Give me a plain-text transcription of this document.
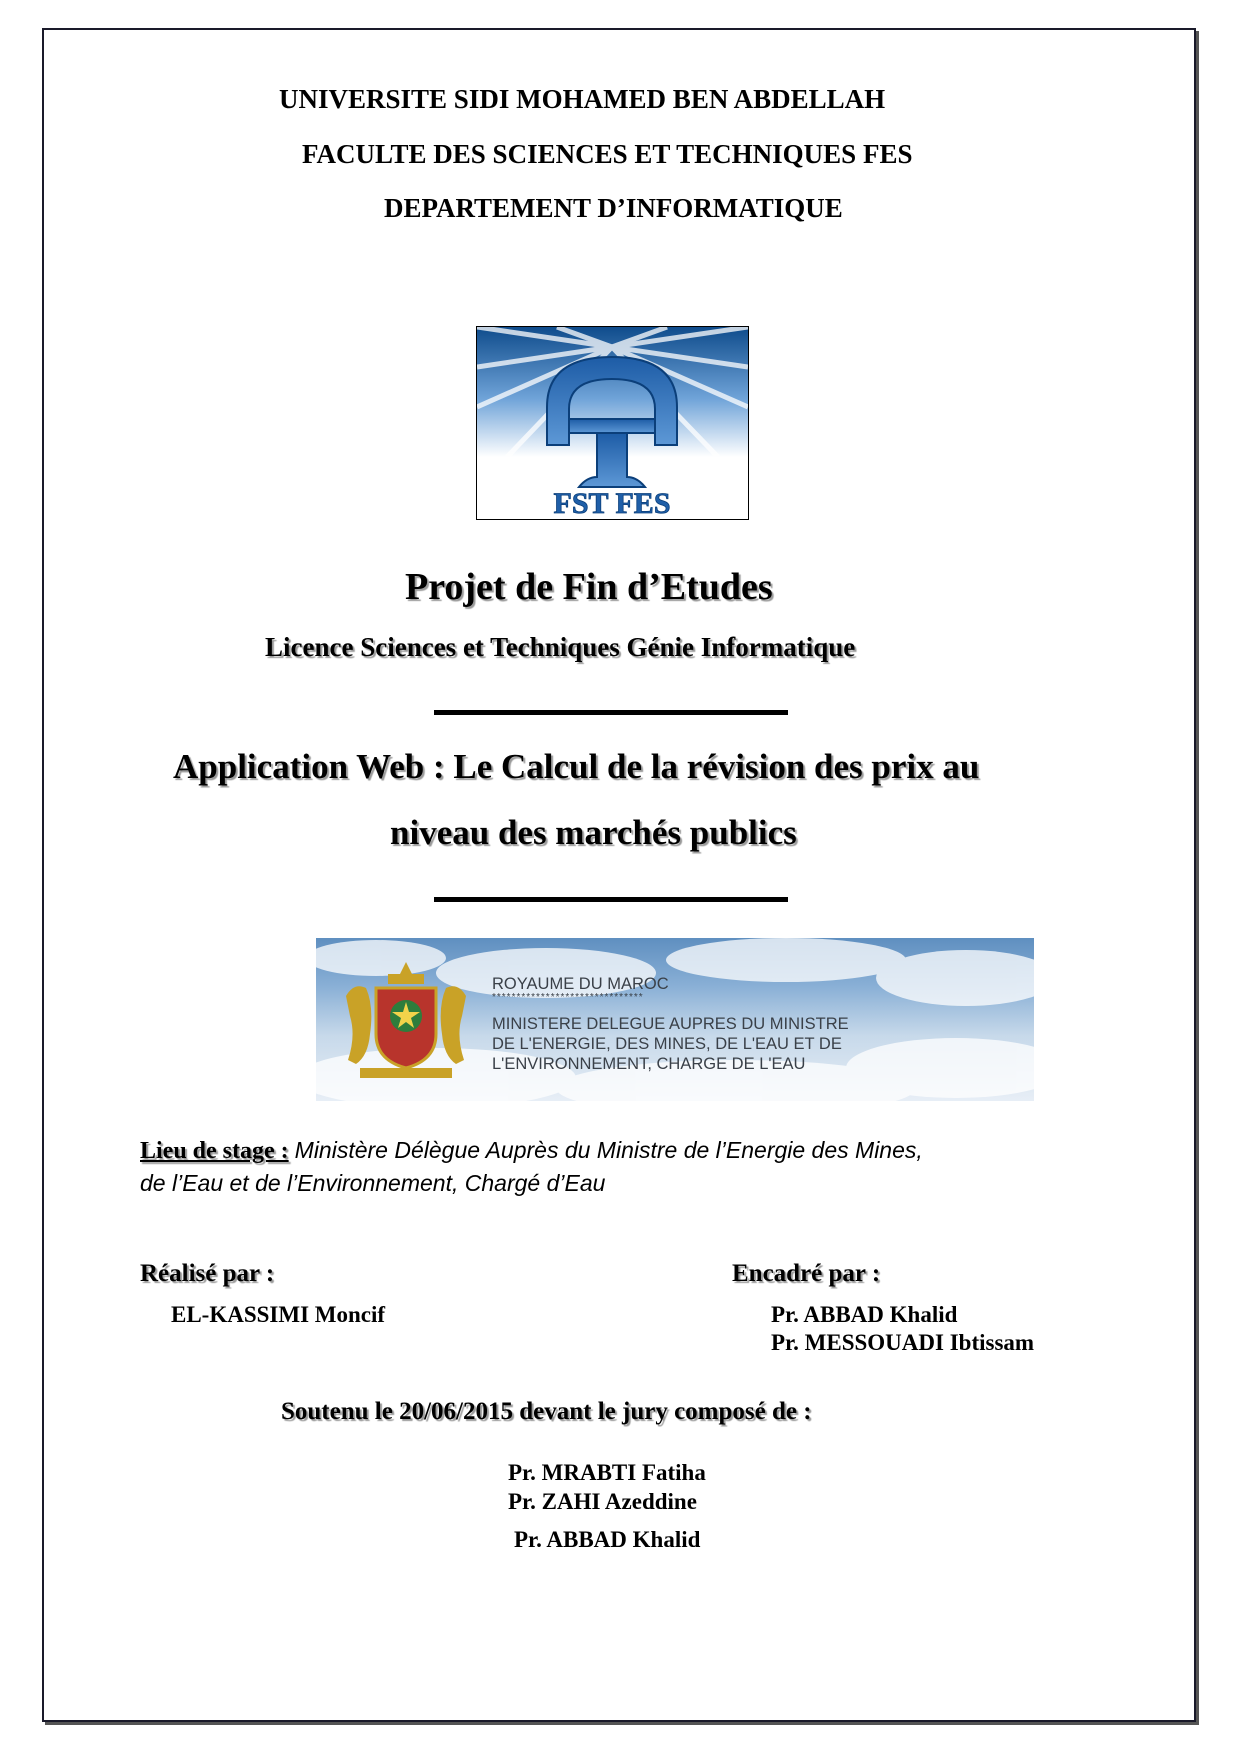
UNIVERSITE SIDI MOHAMED BEN ABDELLAH
FACULTE DES SCIENCES ET TECHNIQUES FES
DEPARTEMENT D’INFORMATIQUE
FST FES
Projet de Fin d’Etudes
Licence Sciences et Techniques Génie Informatique
Application Web : Le Calcul de la révision des prix au
niveau des marchés publics
ROYAUME DU MAROC
*******************************
MINISTERE DELEGUE AUPRES DU MINISTRE
DE L'ENERGIE, DES MINES, DE L'EAU ET DE
L'ENVIRONNEMENT, CHARGE DE L'EAU
Lieu de stage : Ministère Délègue Auprès du Ministre de l’Energie des Mines,
de l’Eau et de l’Environnement, Chargé d’Eau
Réalisé par :
EL-KASSIMI Moncif
Encadré par :
Pr. ABBAD Khalid
Pr. MESSOUADI Ibtissam
Soutenu le 20/06/2015 devant le jury composé de :
Pr. MRABTI Fatiha
Pr. ZAHI Azeddine
Pr. ABBAD Khalid
